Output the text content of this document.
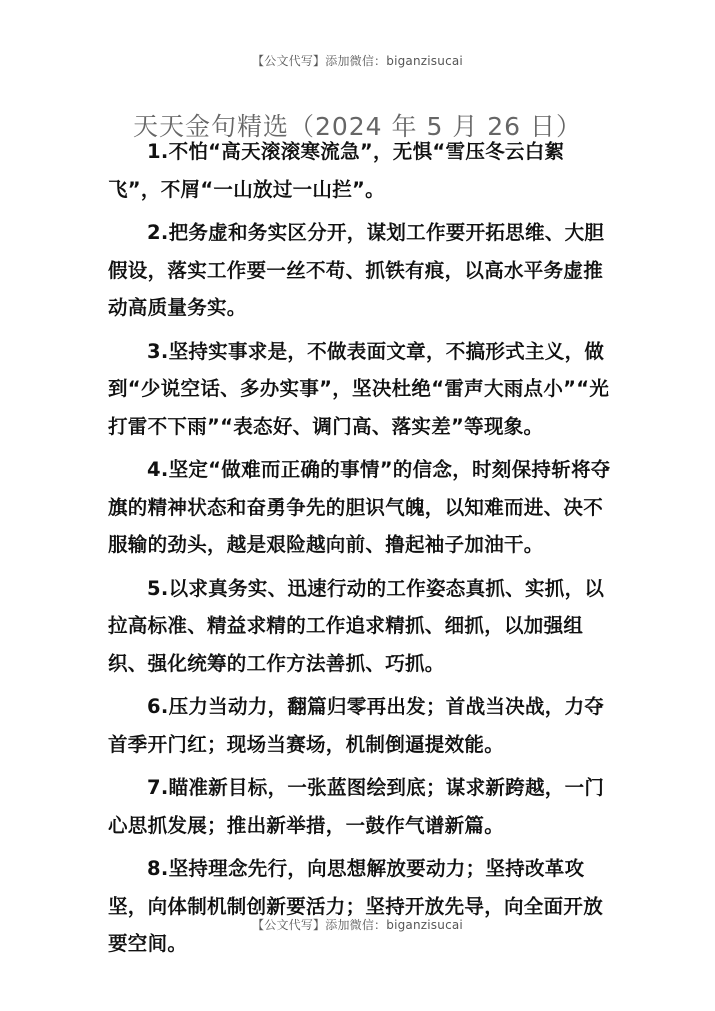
【公文代写】添加微信：biganzisucai
天天金句精选（2024 年 5 月 26 日）

1.不怕“高天滚滚寒流急”，无惧“雪压冬云白絮飞”，不屑“一山放过一山拦”。

2.把务虚和务实区分开，谋划工作要开拓思维、大胆假设，落实工作要一丝不苟、抓铁有痕，以高水平务虚推动高质量务实。

3.坚持实事求是，不做表面文章，不搞形式主义，做到“少说空话、多办实事”，坚决杜绝“雷声大雨点小”“光打雷不下雨”“表态好、调门高、落实差”等现象。

4.坚定“做难而正确的事情”的信念，时刻保持斩将夺旗的精神状态和奋勇争先的胆识气魄，以知难而进、决不服输的劲头，越是艰险越向前、撸起袖子加油干。

5.以求真务实、迅速行动的工作姿态真抓、实抓，以拉高标准、精益求精的工作追求精抓、细抓，以加强组织、强化统筹的工作方法善抓、巧抓。

6.压力当动力，翻篇归零再出发；首战当决战，力夺首季开门红；现场当赛场，机制倒逼提效能。

7.瞄准新目标，一张蓝图绘到底；谋求新跨越，一门心思抓发展；推出新举措，一鼓作气谱新篇。

8.坚持理念先行，向思想解放要动力；坚持改革攻坚，向体制机制创新要活力；坚持开放先导，向全面开放要空间。

【公文代写】添加微信：biganzisucai
